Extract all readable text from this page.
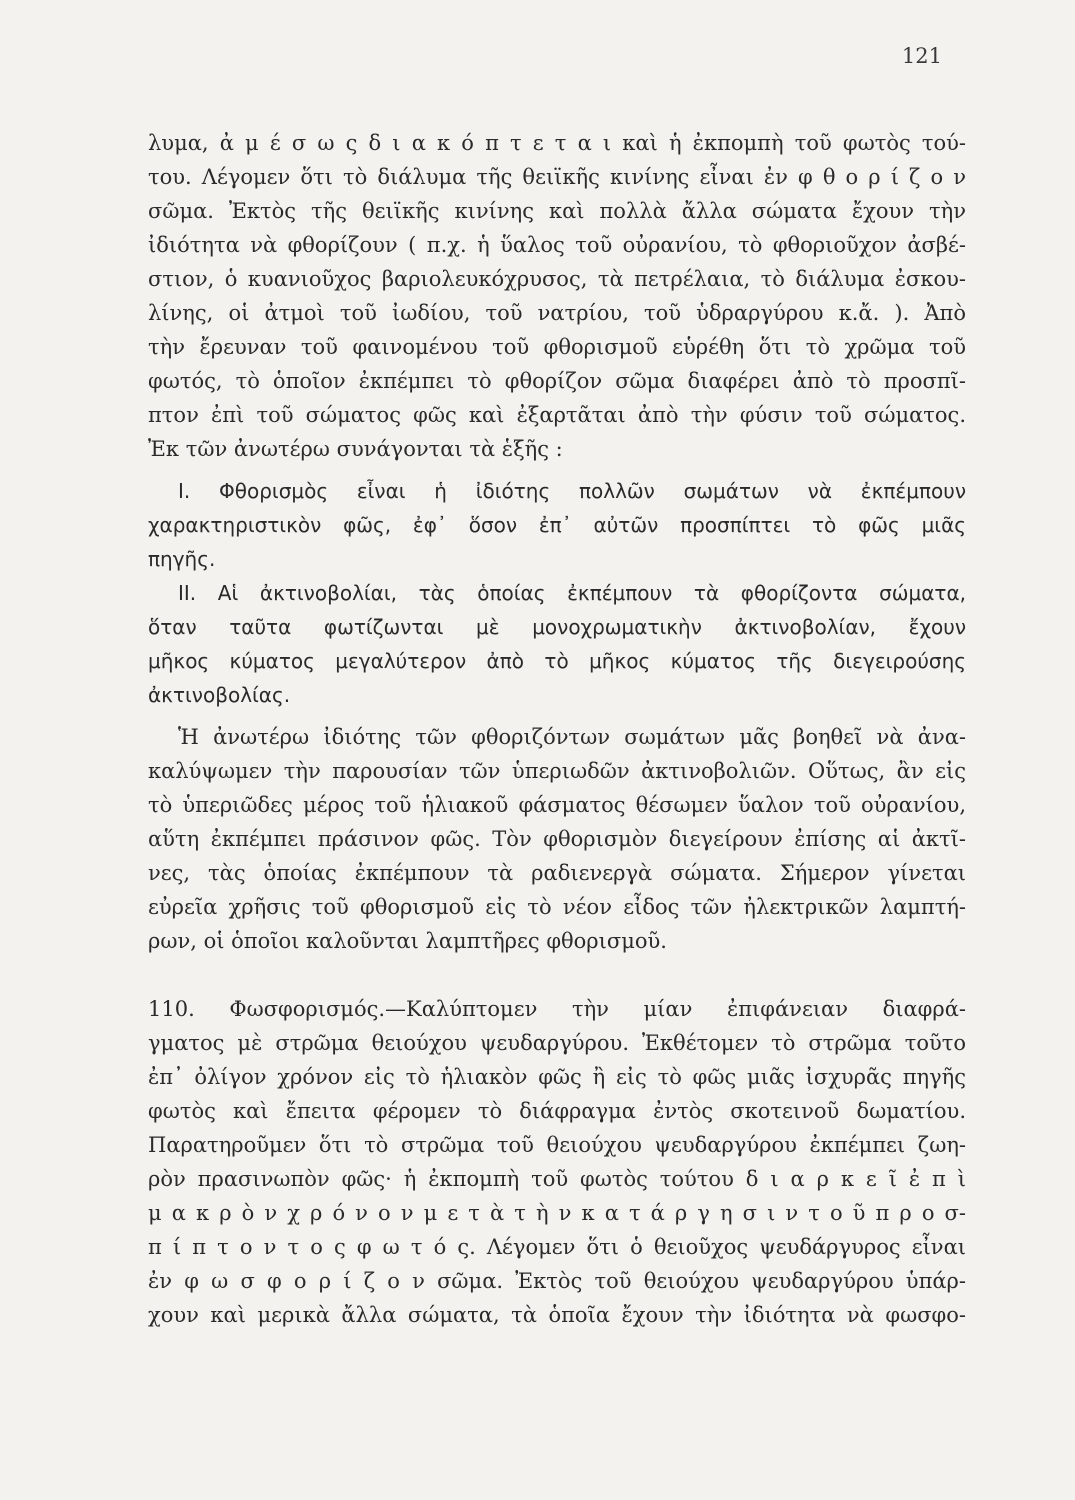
121
λυμα, ἀ μ έ σ ω ς δ ι α κ ό π τ ε τ α ι καὶ ἡ ἐκπομπὴ τοῦ φωτὸς τού-
του. Λέγομεν ὅτι τὸ διάλυμα τῆς θειϊκῆς κινίνης εἶναι ἐν φ θ ο ρ ί ζ ο ν
σῶμα. Ἐκτὸς τῆς θειϊκῆς κινίνης καὶ πολλὰ ἄλλα σώματα ἔχουν τὴν
ἰδιότητα νὰ φθορίζουν ( π.χ. ἡ ὕαλος τοῦ οὐρανίου, τὸ φθοριοῦχον ἀσβέ-
στιον, ὁ κυανιοῦχος βαριολευκόχρυσος, τὰ πετρέλαια, τὸ διάλυμα ἐσκου-
λίνης, οἱ ἀτμοὶ τοῦ ἰωδίου, τοῦ νατρίου, τοῦ ὑδραργύρου κ.ἄ. ). Ἀπὸ
τὴν ἔρευναν τοῦ φαινομένου τοῦ φθορισμοῦ εὑρέθη ὅτι τὸ χρῶμα τοῦ
φωτός, τὸ ὁποῖον ἐκπέμπει τὸ φθορίζον σῶμα διαφέρει ἀπὸ τὸ προσπῖ-
πτον ἐπὶ τοῦ σώματος φῶς καὶ ἐξαρτᾶται ἀπὸ τὴν φύσιν τοῦ σώματος.
Ἐκ τῶν ἀνωτέρω συνάγονται τὰ ἑξῆς :
I. Φθορισμὸς εἶναι ἡ ἰδιότης πολλῶν σωμάτων νὰ ἐκπέμπουν
χαρακτηριστικὸν φῶς, ἐφ᾽ ὅσον ἐπ᾽ αὐτῶν προσπίπτει τὸ φῶς μιᾶς
πηγῆς.
II. Αἱ ἀκτινοβολίαι, τὰς ὁποίας ἐκπέμπουν τὰ φθορίζοντα σώματα,
ὅταν ταῦτα φωτίζωνται μὲ μονοχρωματικὴν ἀκτινοβολίαν, ἔχουν
μῆκος κύματος μεγαλύτερον ἀπὸ τὸ μῆκος κύματος τῆς διεγειρούσης
ἀκτινοβολίας.
Ἡ ἀνωτέρω ἰδιότης τῶν φθοριζόντων σωμάτων μᾶς βοηθεῖ νὰ ἀνα-
καλύψωμεν τὴν παρουσίαν τῶν ὑπεριωδῶν ἀκτινοβολιῶν. Οὕτως, ἂν εἰς
τὸ ὑπεριῶδες μέρος τοῦ ἡλιακοῦ φάσματος θέσωμεν ὕαλον τοῦ οὐρανίου,
αὕτη ἐκπέμπει πράσινον φῶς. Τὸν φθορισμὸν διεγείρουν ἐπίσης αἱ ἀκτῖ-
νες, τὰς ὁποίας ἐκπέμπουν τὰ ραδιενεργὰ σώματα. Σήμερον γίνεται
εὐρεῖα χρῆσις τοῦ φθορισμοῦ εἰς τὸ νέον εἶδος τῶν ἠλεκτρικῶν λαμπτή-
ρων, οἱ ὁποῖοι καλοῦνται λαμπτῆρες φθορισμοῦ.
110. Φωσφορισμός.—Καλύπτομεν τὴν μίαν ἐπιφάνειαν διαφρά-
γματος μὲ στρῶμα θειούχου ψευδαργύρου. Ἐκθέτομεν τὸ στρῶμα τοῦτο
ἐπ᾽ ὀλίγον χρόνον εἰς τὸ ἡλιακὸν φῶς ἢ εἰς τὸ φῶς μιᾶς ἰσχυρᾶς πηγῆς
φωτὸς καὶ ἔπειτα φέρομεν τὸ διάφραγμα ἐντὸς σκοτεινοῦ δωματίου.
Παρατηροῦμεν ὅτι τὸ στρῶμα τοῦ θειούχου ψευδαργύρου ἐκπέμπει ζωη-
ρὸν πρασινωπὸν φῶς· ἡ ἐκπομπὴ τοῦ φωτὸς τούτου δ ι α ρ κ ε ῖ ἐ π ὶ
μ α κ ρ ὸ ν χ ρ ό ν ο ν μ ε τ ὰ τ ὴ ν κ α τ ά ρ γ η σ ι ν τ ο ῦ π ρ ο σ-
π ί π τ ο ν τ ο ς φ ω τ ό ς. Λέγομεν ὅτι ὁ θειοῦχος ψευδάργυρος εἶναι
ἐν φ ω σ φ ο ρ ί ζ ο ν σῶμα. Ἐκτὸς τοῦ θειούχου ψευδαργύρου ὑπάρ-
χουν καὶ μερικὰ ἄλλα σώματα, τὰ ὁποῖα ἔχουν τὴν ἰδιότητα νὰ φωσφο-
